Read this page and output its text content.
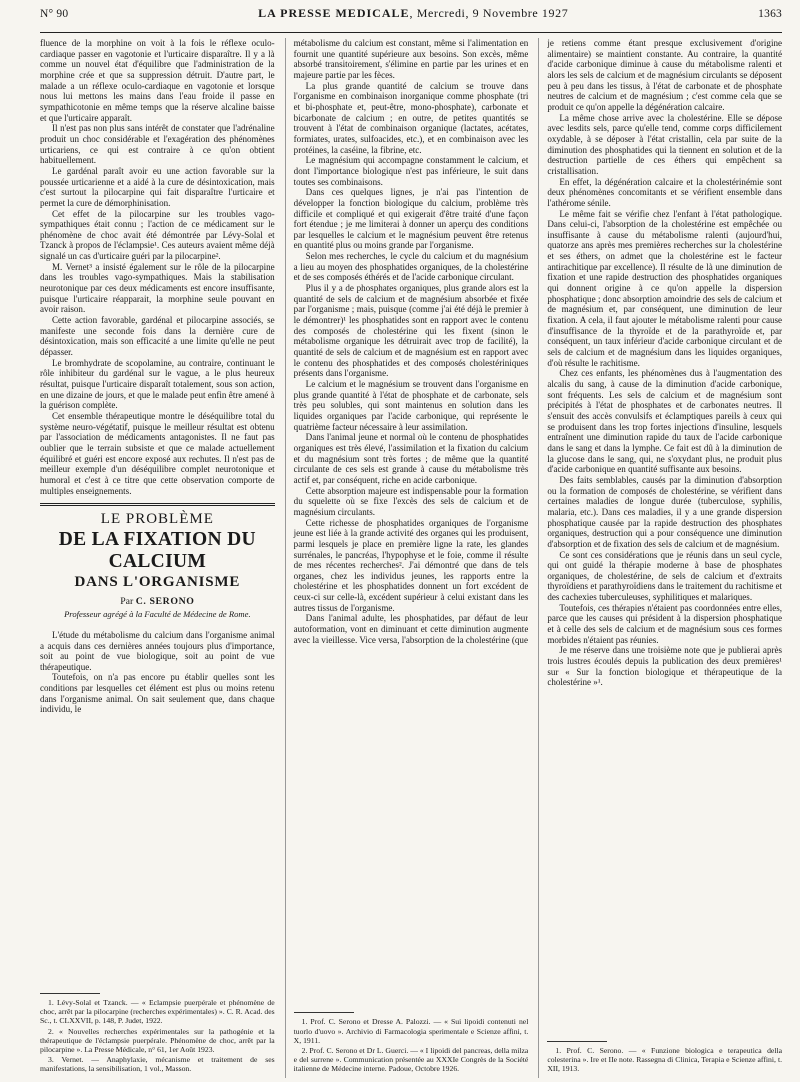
N° 90	LA PRESSE MEDICALE, Mercredi, 9 Novembre 1927	1363

fluence de la morphine on voit à la fois le réflexe oculo-cardiaque passer en vagotonie et l'urticaire disparaître. Il y a là comme un nouvel état d'équilibre que l'administration de la morphine crée et que sa suppression détruit. D'autre part, le malade a un réflexe oculo-cardiaque en vagotonie et lorsque nous lui mettons les mains dans l'eau froide il passe en sympathicotonie en même temps que la réserve alcaline baisse et que l'urticaire apparaît.

Il n'est pas non plus sans intérêt de constater que l'adrénaline produit un choc considérable et l'exagération des phénomènes urticariens, ce qui est contraire à ce qu'on obtient habituellement.

Le gardénal paraît avoir eu une action favorable sur la poussée urticarienne et a aidé à la cure de désintoxication, mais c'est surtout la pilocarpine qui fait disparaître l'urticaire et permet la cure de démorphinisation.

Cet effet de la pilocarpine sur les troubles vago-sympathiques était connu ; l'action de ce médicament sur le phénomène de choc avait été démontrée par Lévy-Solal et Tzanck à propos de l'éclampsie¹. Ces auteurs avaient même déjà signalé un cas d'urticaire guéri par la pilocarpine².

M. Vernet³ a insisté également sur le rôle de la pilocarpine dans les troubles vago-sympathiques. Mais la stabilisation neurotonique par ces deux médicaments est encore insuffisante, puisque l'urticaire réapparait, la morphine seule pouvant en avoir raison.

Cette action favorable, gardénal et pilocarpine associés, se manifeste une seconde fois dans la dernière cure de désintoxication, mais son efficacité a une limite qu'elle ne peut dépasser.

Le bromhydrate de scopolamine, au contraire, continuant le rôle inhibiteur du gardénal sur le vague, a le plus heureux résultat, puisque l'urticaire disparaît totalement, sous son action, en une dizaine de jours, et que le malade peut enfin être amené à la guérison complète.

Cet ensemble thérapeutique montre le déséquilibre total du système neuro-végétatif, puisque le meilleur résultat est obtenu par l'association de médicaments antagonistes. Il ne faut pas oublier que le terrain subsiste et que ce malade actuellement équilibré et guéri est encore exposé aux rechutes. Il n'est pas de meilleur exemple d'un déséquilibre complet neurotonique et humoral et c'est à ce titre que cette observation comporte de multiples enseignements.

LE PROBLÈME
DE LA FIXATION DU CALCIUM
DANS L'ORGANISME
Par C. SERONO
Professeur agrégé à la Faculté de Médecine de Rome.

L'étude du métabolisme du calcium dans l'organisme animal a acquis dans ces dernières années toujours plus d'importance, soit au point de vue biologique, soit au point de vue thérapeutique.

Toutefois, on n'a pas encore pu établir quelles sont les conditions par lesquelles cet élément est plus ou moins retenu dans l'organisme animal. On sait seulement que, dans chaque individu, le

1. Lévy-Solal et Tzanck. — « Eclampsie puerpérale et phénomène de choc, arrêt par la pilocarpine (recherches expérimentales) ». C. R. Acad. des Sc., t. CLXXVII, p. 148, P. Judet, 1922.

2. « Nouvelles recherches expérimentales sur la pathogénie et la thérapeutique de l'éclampsie puerpérale. Phénomène de choc, arrêt par la pilocarpine ». La Presse Médicale, n° 61, 1er Août 1923.

3. Vernet. — Anaphylaxie, mécanisme et traitement de ses manifestations, la sensibilisation, 1 vol., Masson.

métabolisme du calcium est constant, même si l'alimentation en fournit une quantité supérieure aux besoins. Son excès, même absorbé transitoirement, s'élimine en partie par les urines et en majeure partie par les fèces.

La plus grande quantité de calcium se trouve dans l'organisme en combinaison inorganique comme phosphate (tri et bi-phosphate et, peut-être, mono-phosphate), carbonate et bicarbonate de calcium ; en outre, de petites quantités se trouvent à l'état de combinaison organique (lactates, acétates, formiates, urates, sulfoacides, etc.), et en combinaison avec les protéines, la caséine, la fibrine, etc.

Le magnésium qui accompagne constamment le calcium, et dont l'importance biologique n'est pas inférieure, le suit dans toutes ses combinaisons.

Dans ces quelques lignes, je n'ai pas l'intention de développer la fonction biologique du calcium, problème très difficile et compliqué et qui exigerait d'être traité d'une façon fort étendue ; je me limiterai à donner un aperçu des conditions par lesquelles le calcium et le magnésium peuvent être retenus en quantité plus ou moins grande par l'organisme.

Selon mes recherches, le cycle du calcium et du magnésium a lieu au moyen des phosphatides organiques, de la cholestérine et de ses composés éthérés et de l'acide carbonique circulant.

Plus il y a de phosphates organiques, plus grande alors est la quantité de sels de calcium et de magnésium absorbée et fixée par l'organisme ; mais, puisque (comme j'ai été déjà le premier à le démontrer)¹ les phosphatides sont en rapport avec le contenu des composés de cholestérine qui les fixent (sinon le métabolisme organique les détruirait avec trop de facilité), la quantité de sels de calcium et de magnésium est en rapport avec le contenu des phosphatides et des composés cholestériniques présents dans l'organisme.

Le calcium et le magnésium se trouvent dans l'organisme en plus grande quantité à l'état de phosphate et de carbonate, sels très peu solubles, qui sont maintenus en solution dans les liquides organiques par l'acide carbonique, qui représente le quatrième facteur nécessaire à leur assimilation.

Dans l'animal jeune et normal où le contenu de phosphatides organiques est très élevé, l'assimilation et la fixation du calcium et du magnésium sont très fortes ; de même que la quantité circulante de ces sels est grande à cause du métabolisme très actif et, par conséquent, riche en acide carbonique.

Cette absorption majeure est indispensable pour la formation du squelette où se fixe l'excès des sels de calcium et de magnésium circulants.

Cette richesse de phosphatides organiques de l'organisme jeune est liée à la grande activité des organes qui les produisent, parmi lesquels je place en première ligne la rate, les glandes surrénales, le pancréas, l'hypophyse et le foie, comme il résulte de mes récentes recherches². J'ai démontré que dans de tels organes, chez les individus jeunes, les rapports entre la cholestérine et les phosphatides donnent un fort excédent de ceux-ci sur celle-là, excédent supérieur à celui existant dans les autres tissus de l'organisme.

Dans l'animal adulte, les phosphatides, par défaut de leur autoformation, vont en diminuant et cette diminution augmente avec la vieillesse. Vice versa, l'absorption de la cholestérine (que

1. Prof. C. Serono et Dresse A. Palozzi. — « Sui lipoidi contenuti nel tuorlo d'uovo ». Archivio di Farmacologia sperimentale e Scienze affini, t. X, 1911.

2. Prof. C. Serono et Dr L. Guerci. — « I lipoidi del pancreas, della milza e del surrene ». Communication présentée au XXXIe Congrès de la Société italienne de Médecine interne. Padoue, Octobre 1926.

je retiens comme étant presque exclusivement d'origine alimentaire) se maintient constante. Au contraire, la quantité d'acide carbonique diminue à cause du métabolisme ralenti et alors les sels de calcium et de magnésium circulants se déposent peu à peu dans les tissus, à l'état de carbonate et de phosphate neutres de calcium et de magnésium ; c'est comme cela que se produit ce qu'on appelle la dégénération calcaire.

La même chose arrive avec la cholestérine. Elle se dépose avec lesdits sels, parce qu'elle tend, comme corps difficilement oxydable, à se déposer à l'état cristallin, cela par suite de la diminution des phosphatides qui la tiennent en solution et de la destruction partielle de ces éthers qui empêchent sa cristallisation.

En effet, la dégénération calcaire et la cholestérinémie sont deux phénomènes concomitants et se vérifient ensemble dans l'athérome sénile.

Le même fait se vérifie chez l'enfant à l'état pathologique. Dans celui-ci, l'absorption de la cholestérine est empêchée ou insuffisante à cause du métabolisme ralenti (aujourd'hui, quatorze ans après mes premières recherches sur la cholestérine et ses éthers, on admet que la cholestérine est le facteur antirachitique par excellence). Il résulte de là une diminution de fixation et une rapide destruction des phosphatides organiques qui donnent origine à ce qu'on appelle la dispersion phosphatique ; donc absorption amoindrie des sels de calcium et de magnésium et, par conséquent, une diminution de leur fixation. A cela, il faut ajouter le métabolisme ralenti pour cause d'insuffisance de la thyroïde et de la parathyroïde et, par conséquent, un taux inférieur d'acide carbonique circulant et de sels de calcium et de magnésium dans les liquides organiques, d'où résulte le rachitisme.

Chez ces enfants, les phénomènes dus à l'augmentation des alcalis du sang, à cause de la diminution d'acide carbonique, sont fréquents. Les sels de calcium et de magnésium sont précipités à l'état de phosphates et de carbonates neutres. Il s'ensuit des accès convulsifs et éclamptiques pareils à ceux qui se produisent dans les trop fortes injections d'insuline, lesquels entraînent une diminution rapide du taux de l'acide carbonique dans le sang et dans la lymphe. Ce fait est dû à la diminution de la glucose dans le sang, qui, ne s'oxydant plus, ne produit plus d'acide carbonique en quantité suffisante aux besoins.

Des faits semblables, causés par la diminution d'absorption ou la formation de composés de cholestérine, se vérifient dans certaines maladies de longue durée (tuberculose, syphilis, malaria, etc.). Dans ces maladies, il y a une grande dispersion phosphatique causée par la rapide destruction des phosphates organiques, destruction qui a pour conséquence une diminution d'absorption et de fixation des sels de calcium et de magnésium.

Ce sont ces considérations que je réunis dans un seul cycle, qui ont guidé la thérapie moderne à base de phosphates organiques, de cholestérine, de sels de calcium et d'extraits thyroïdiens et parathyroïdiens dans le traitement du rachitisme et des cachexies tuberculeuses, syphilitiques et malariques.

Toutefois, ces thérapies n'étaient pas coordonnées entre elles, parce que les causes qui président à la dispersion phosphatique et à celle des sels de calcium et de magnésium sous ces formes morbides n'étaient pas réunies.

Je me réserve dans une troisième note que je publierai après trois lustres écoulés depuis la publication des deux premières¹ sur « Sur la fonction biologique et thérapeutique de la cholestérine »¹.

1. Prof. C. Serono. — « Funzione biologica e terapeutica della colesterina ». Ire et IIe note. Rassegna di Clinica, Terapia e Scienze affini, t. XII, 1913.
